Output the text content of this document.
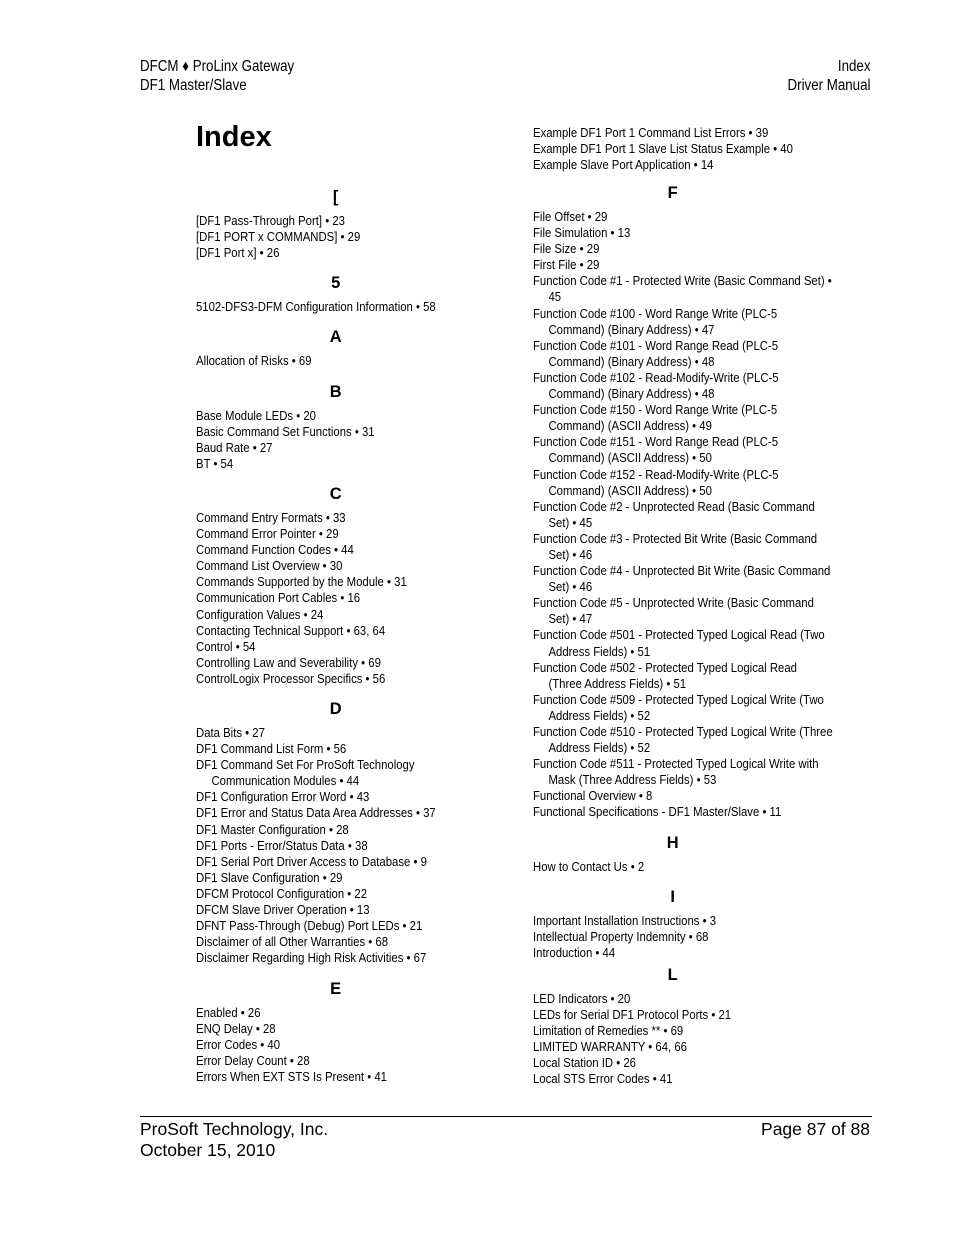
DFCM ♦ ProLinx Gateway
DF1 Master/Slave
Index
Driver Manual
Index
[
[DF1 Pass-Through Port] • 23
[DF1 PORT x COMMANDS] • 29
[DF1 Port x] • 26
5
5102-DFS3-DFM Configuration Information • 58
A
Allocation of Risks • 69
B
Base Module LEDs • 20
Basic Command Set Functions • 31
Baud Rate • 27
BT • 54
C
Command Entry Formats • 33
Command Error Pointer • 29
Command Function Codes • 44
Command List Overview • 30
Commands Supported by the Module • 31
Communication Port Cables • 16
Configuration Values • 24
Contacting Technical Support • 63, 64
Control • 54
Controlling Law and Severability • 69
ControlLogix Processor Specifics • 56
D
Data Bits • 27
DF1 Command List Form • 56
DF1 Command Set For ProSoft Technology Communication Modules • 44
DF1 Configuration Error Word • 43
DF1 Error and Status Data Area Addresses • 37
DF1 Master Configuration • 28
DF1 Ports - Error/Status Data • 38
DF1 Serial Port Driver Access to Database • 9
DF1 Slave Configuration • 29
DFCM Protocol Configuration • 22
DFCM Slave Driver Operation • 13
DFNT Pass-Through (Debug) Port LEDs • 21
Disclaimer of all Other Warranties • 68
Disclaimer Regarding High Risk Activities • 67
E
Enabled • 26
ENQ Delay • 28
Error Codes • 40
Error Delay Count • 28
Errors When EXT STS Is Present • 41
Example DF1 Port 1 Command List Errors • 39
Example DF1 Port 1 Slave List Status Example • 40
Example Slave Port Application • 14
F
File Offset • 29
File Simulation • 13
File Size • 29
First File • 29
Function Code #1 - Protected Write (Basic Command Set) • 45
Function Code #100 - Word Range Write (PLC-5 Command) (Binary Address) • 47
Function Code #101 - Word Range Read (PLC-5 Command) (Binary Address) • 48
Function Code #102 - Read-Modify-Write (PLC-5 Command) (Binary Address) • 48
Function Code #150 - Word Range Write (PLC-5 Command) (ASCII Address) • 49
Function Code #151 - Word Range Read (PLC-5 Command) (ASCII Address) • 50
Function Code #152 - Read-Modify-Write (PLC-5 Command) (ASCII Address) • 50
Function Code #2 - Unprotected Read (Basic Command Set) • 45
Function Code #3 - Protected Bit Write (Basic Command Set) • 46
Function Code #4 - Unprotected Bit Write (Basic Command Set) • 46
Function Code #5 - Unprotected Write (Basic Command Set) • 47
Function Code #501 - Protected Typed Logical Read (Two Address Fields) • 51
Function Code #502 - Protected Typed Logical Read (Three Address Fields) • 51
Function Code #509 - Protected Typed Logical Write (Two Address Fields) • 52
Function Code #510 - Protected Typed Logical Write (Three Address Fields) • 52
Function Code #511 - Protected Typed Logical Write with Mask (Three Address Fields) • 53
Functional Overview • 8
Functional Specifications - DF1 Master/Slave • 11
H
How to Contact Us • 2
I
Important Installation Instructions • 3
Intellectual Property Indemnity • 68
Introduction • 44
L
LED Indicators • 20
LEDs for Serial DF1 Protocol Ports • 21
Limitation of Remedies ** • 69
LIMITED WARRANTY • 64, 66
Local Station ID • 26
Local STS Error Codes • 41
ProSoft Technology, Inc.
October 15, 2010
Page 87 of 88
